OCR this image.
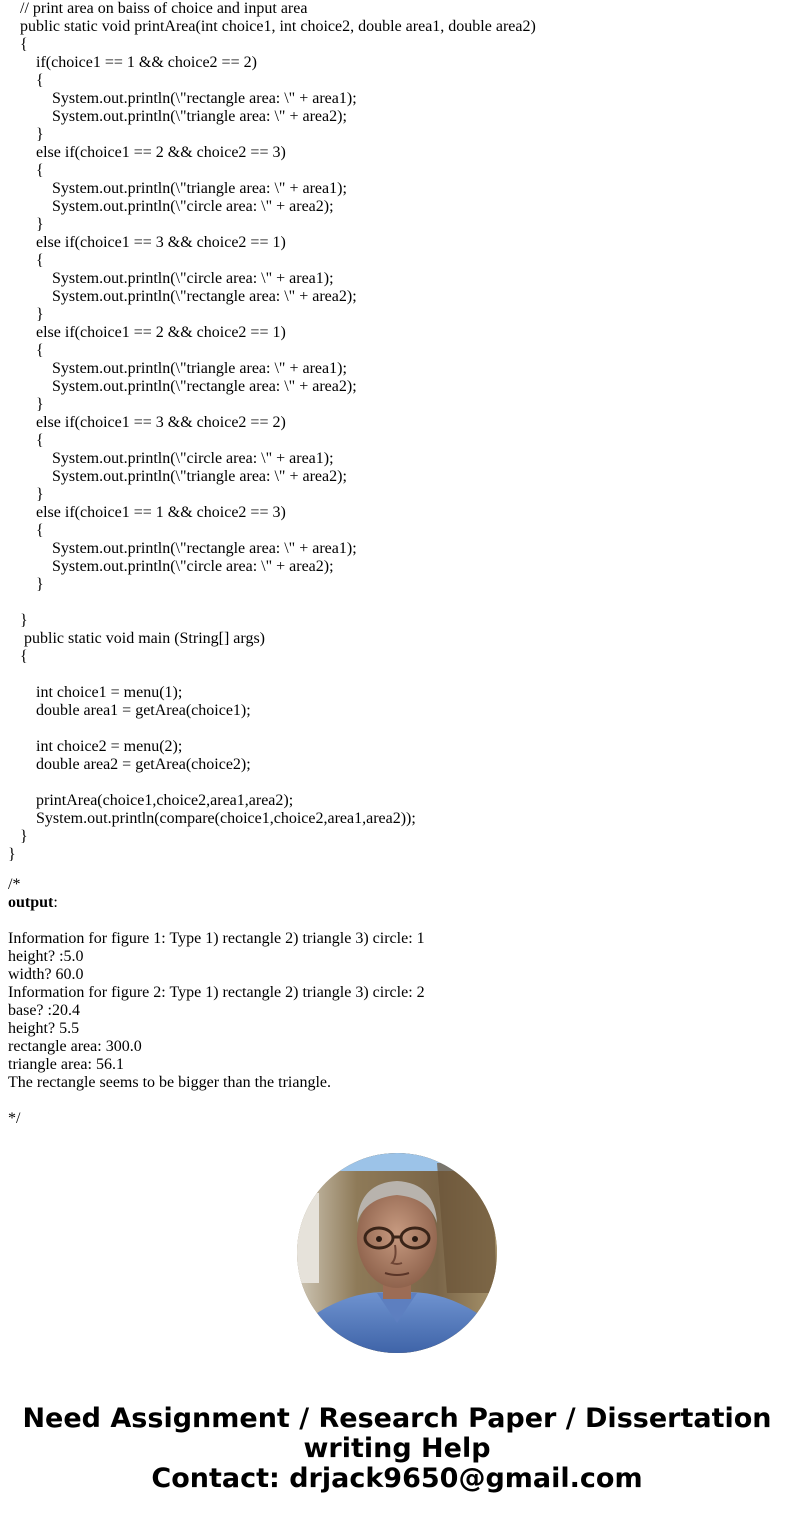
// print area on baiss of choice and input area
public static void printArea(int choice1, int choice2, double area1, double area2)
{
if(choice1 == 1 && choice2 == 2)
{
System.out.println(\"rectangle area: \" + area1);
System.out.println(\"triangle area: \" + area2);
}
else if(choice1 == 2 && choice2 == 3)
{
System.out.println(\"triangle area: \" + area1);
System.out.println(\"circle area: \" + area2);
}
else if(choice1 == 3 && choice2 == 1)
{
System.out.println(\"circle area: \" + area1);
System.out.println(\"rectangle area: \" + area2);
}
else if(choice1 == 2 && choice2 == 1)
{
System.out.println(\"triangle area: \" + area1);
System.out.println(\"rectangle area: \" + area2);
}
else if(choice1 == 3 && choice2 == 2)
{
System.out.println(\"circle area: \" + area1);
System.out.println(\"triangle area: \" + area2);
}
else if(choice1 == 1 && choice2 == 3)
{
System.out.println(\"rectangle area: \" + area1);
System.out.println(\"circle area: \" + area2);
}
}
public static void main (String[] args)
{
int choice1 = menu(1);
double area1 = getArea(choice1);
int choice2 = menu(2);
double area2 = getArea(choice2);
printArea(choice1,choice2,area1,area2);
System.out.println(compare(choice1,choice2,area1,area2));
}
}
/*
output:
Information for figure 1: Type 1) rectangle 2) triangle 3) circle: 1
height? :5.0
width? 60.0
Information for figure 2: Type 1) rectangle 2) triangle 3) circle: 2
base? :20.4
height? 5.5
rectangle area: 300.0
triangle area: 56.1
The rectangle seems to be bigger than the triangle.
*/
Need Assignment / Research Paper / Dissertation
writing Help
Contact: drjack9650@gmail.com
